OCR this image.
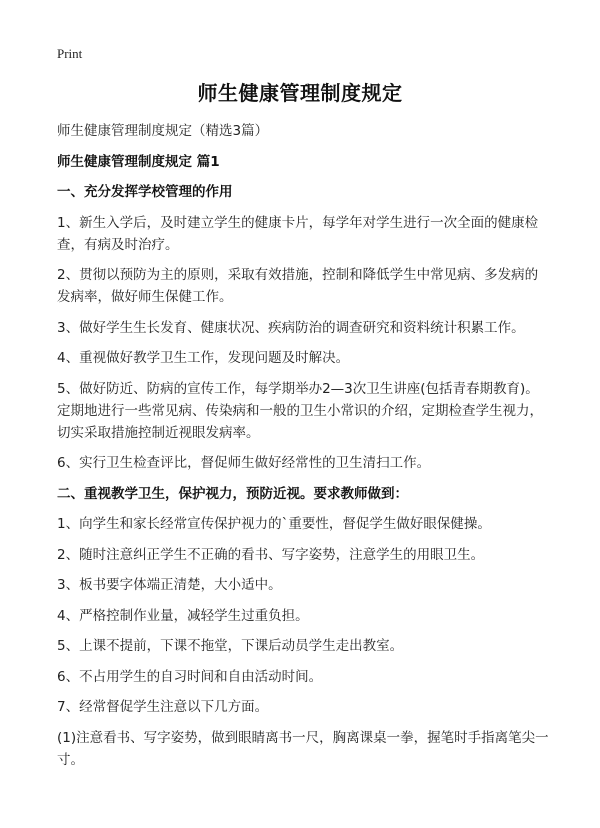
Print
师生健康管理制度规定

师生健康管理制度规定（精选3篇）

师生健康管理制度规定 篇1

一、充分发挥学校管理的作用

1、新生入学后，及时建立学生的健康卡片，每学年对学生进行一次全面的健康检查，有病及时治疗。

2、贯彻以预防为主的原则，采取有效措施，控制和降低学生中常见病、多发病的发病率，做好师生保健工作。

3、做好学生生长发育、健康状况、疾病防治的调查研究和资料统计积累工作。

4、重视做好教学卫生工作，发现问题及时解决。

5、做好防近、防病的宣传工作，每学期举办2—3次卫生讲座(包括青春期教育)。定期地进行一些常见病、传染病和一般的卫生小常识的介绍，定期检查学生视力，切实采取措施控制近视眼发病率。

6、实行卫生检查评比，督促师生做好经常性的卫生清扫工作。

二、重视教学卫生，保护视力，预防近视。要求教师做到：

1、向学生和家长经常宣传保护视力的`重要性，督促学生做好眼保健操。

2、随时注意纠正学生不正确的看书、写字姿势，注意学生的用眼卫生。

3、板书要字体端正清楚，大小适中。

4、严格控制作业量，减轻学生过重负担。

5、上课不提前，下课不拖堂，下课后动员学生走出教室。

6、不占用学生的自习时间和自由活动时间。

7、经常督促学生注意以下几方面。

(1)注意看书、写字姿势，做到眼睛离书一尺，胸离课桌一拳，握笔时手指离笔尖一寸。
